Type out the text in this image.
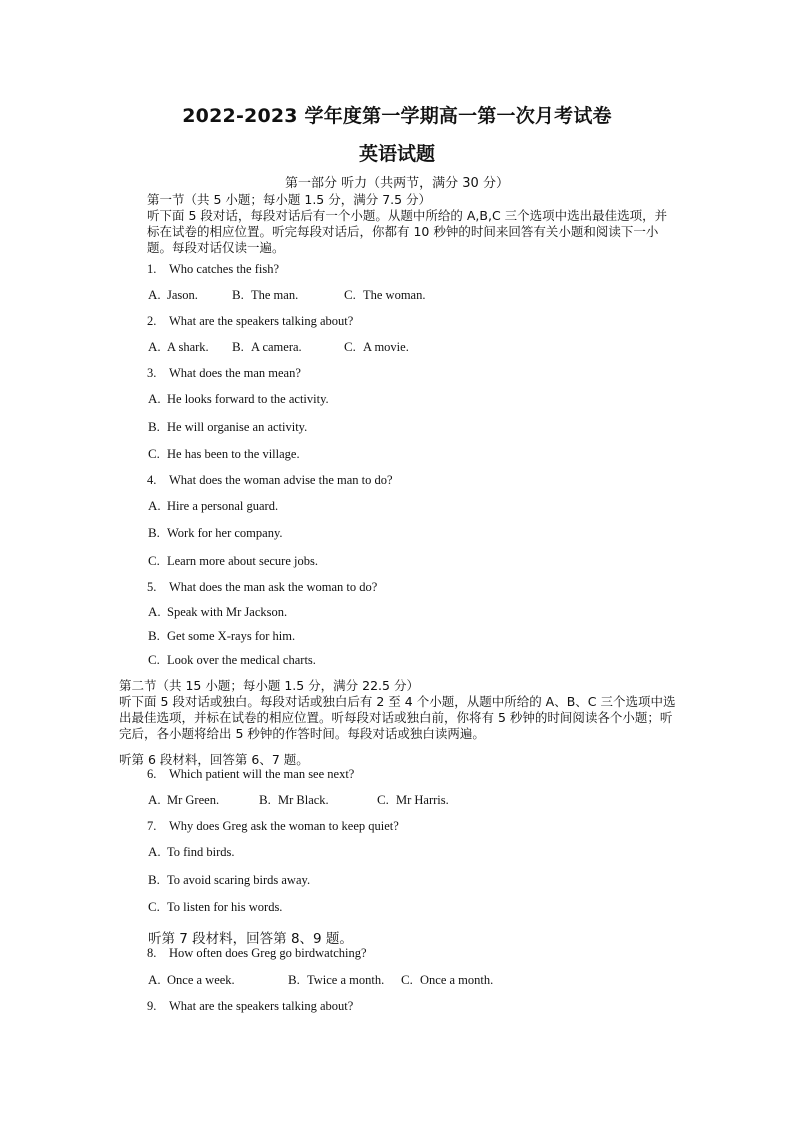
2022-2023 学年度第一学期高一第一次月考试卷
英语试题
第一部分 听力（共两节，满分 30 分）
第一节（共 5 小题；每小题 1.5 分，满分 7.5 分）
听下面 5 段对话，每段对话后有一个小题。从题中所给的 A,B,C 三个选项中选出最佳选项，并标在试卷的相应位置。听完每段对话后，你都有 10 秒钟的时间来回答有关小题和阅读下一小题。每段对话仅读一遍。
1. Who catches the fish?
A. Jason.	B. The man.	C. The woman.
2. What are the speakers talking about?
A. A shark. B. A camera.	C. A movie.
3. What does the man mean?
A. He looks forward to the activity.
B. He will organise an activity.
C. He has been to the village.
4. What does the woman advise the man to do?
A. Hire a personal guard.
B. Work for her company.
C. Learn more about secure jobs.
5. What does the man ask the woman to do?
A. Speak with Mr Jackson.
B. Get some X-rays for him.
C. Look over the medical charts.
第二节（共 15 小题；每小题 1.5 分，满分 22.5 分）
听下面 5 段对话或独白。每段对话或独白后有 2 至 4 个小题，从题中所给的 A、B、C 三个选项中选出最佳选项，并标在试卷的相应位置。听每段对话或独白前，你将有 5 秒钟的时间阅读各个小题；听完后，各小题将给出 5 秒钟的作答时间。每段对话或独白读两遍。
听第 6 段材料，回答第 6、7 题。
6. Which patient will the man see next?
A. Mr Green.	B. Mr Black.	C. Mr Harris.
7. Why does Greg ask the woman to keep quiet?
A. To find birds.
B. To avoid scaring birds away.
C. To listen for his words.
听第 7 段材料，回答第 8、9 题。
8. How often does Greg go birdwatching?
A. Once a week.	B. Twice a month. C. Once a month.
9. What are the speakers talking about?
